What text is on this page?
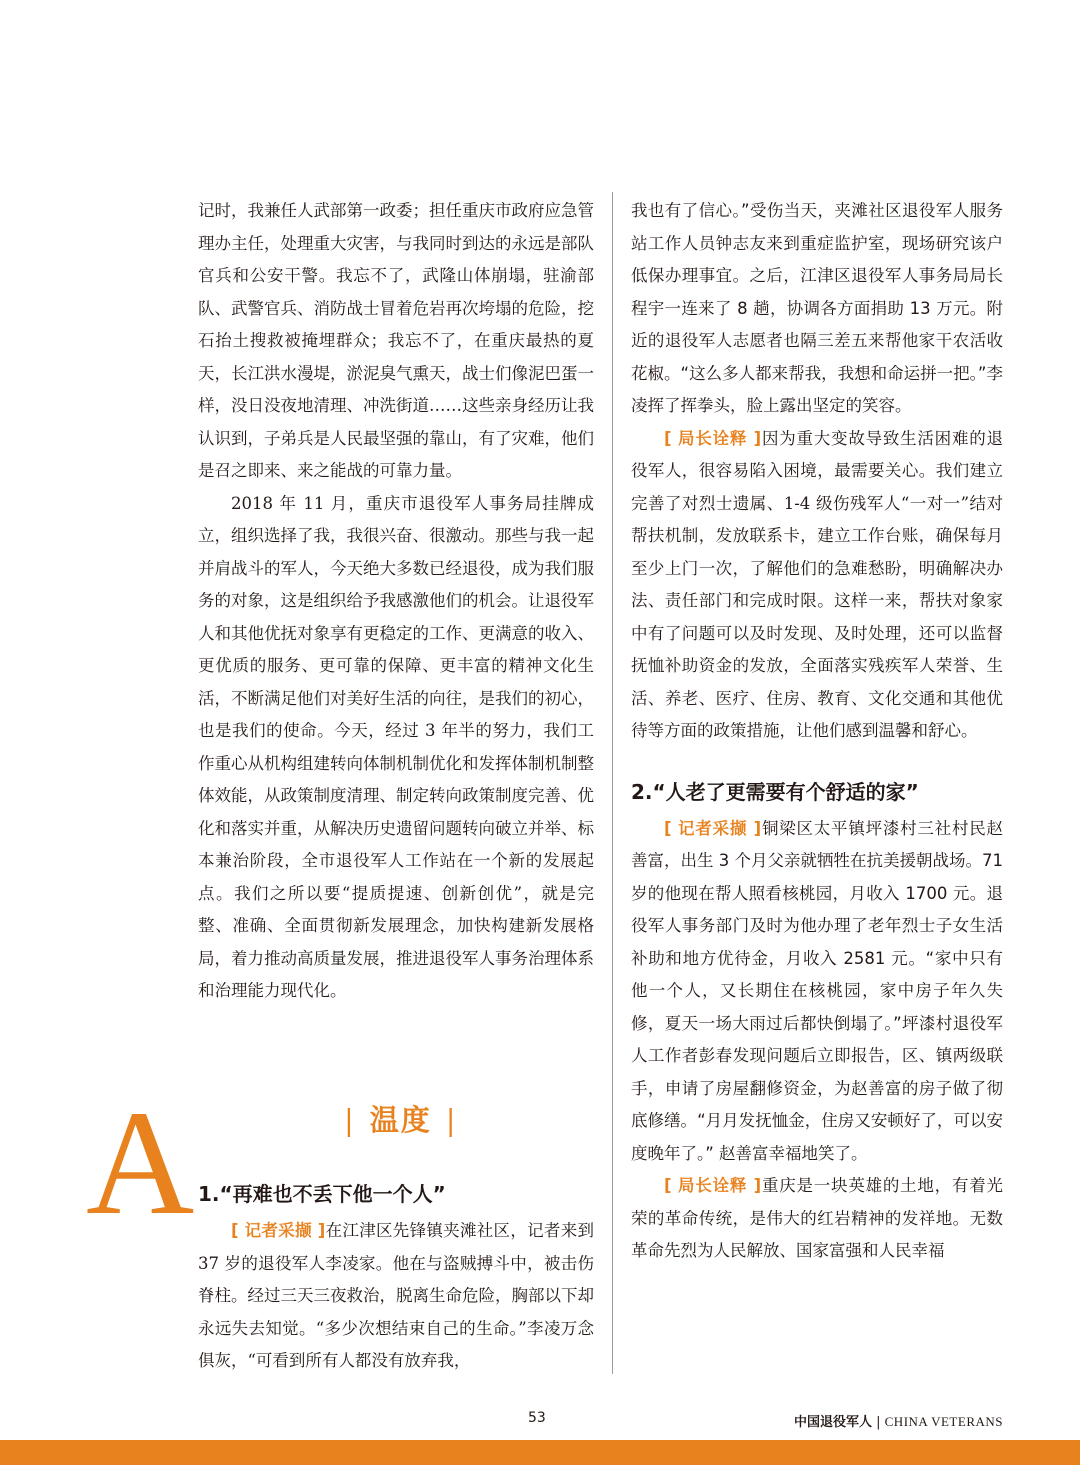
记时，我兼任人武部第一政委；担任重庆市政府应急管理办主任，处理重大灾害，与我同时到达的永远是部队官兵和公安干警。我忘不了，武隆山体崩塌，驻渝部队、武警官兵、消防战士冒着危岩再次垮塌的危险，挖石抬土搜救被掩埋群众；我忘不了，在重庆最热的夏天，长江洪水漫堤，淤泥臭气熏天，战士们像泥巴蛋一样，没日没夜地清理、冲洗街道……这些亲身经历让我认识到，子弟兵是人民最坚强的靠山，有了灾难，他们是召之即来、来之能战的可靠力量。

2018 年 11 月，重庆市退役军人事务局挂牌成立，组织选择了我，我很兴奋、很激动。那些与我一起并肩战斗的军人，今天绝大多数已经退役，成为我们服务的对象，这是组织给予我感激他们的机会。让退役军人和其他优抚对象享有更稳定的工作、更满意的收入、更优质的服务、更可靠的保障、更丰富的精神文化生活，不断满足他们对美好生活的向往，是我们的初心，也是我们的使命。今天，经过 3 年半的努力，我们工作重心从机构组建转向体制机制优化和发挥体制机制整体效能，从政策制度清理、制定转向政策制度完善、优化和落实并重，从解决历史遗留问题转向破立并举、标本兼治阶段，全市退役军人工作站在一个新的发展起点。我们之所以要“提质提速、创新创优”，就是完整、准确、全面贯彻新发展理念，加快构建新发展格局，着力推动高质量发展，推进退役军人事务治理体系和治理能力现代化。

A	| 温度 |
1.“再难也不丢下他一个人”

[ 记者采撷 ]在江津区先锋镇夹滩社区，记者来到 37 岁的退役军人李凌家。他在与盗贼搏斗中，被击伤脊柱。经过三天三夜救治，脱离生命危险，胸部以下却永远失去知觉。“多少次想结束自己的生命。”李凌万念俱灰，“可看到所有人都没有放弃我，

我也有了信心。”受伤当天，夹滩社区退役军人服务站工作人员钟志友来到重症监护室，现场研究该户低保办理事宜。之后，江津区退役军人事务局局长程宇一连来了 8 趟，协调各方面捐助 13 万元。附近的退役军人志愿者也隔三差五来帮他家干农活收花椒。“这么多人都来帮我，我想和命运拼一把。”李凌挥了挥拳头，脸上露出坚定的笑容。

[ 局长诠释 ]因为重大变故导致生活困难的退役军人，很容易陷入困境，最需要关心。我们建立完善了对烈士遗属、1-4 级伤残军人“一对一”结对帮扶机制，发放联系卡，建立工作台账，确保每月至少上门一次，了解他们的急难愁盼，明确解决办法、责任部门和完成时限。这样一来，帮扶对象家中有了问题可以及时发现、及时处理，还可以监督抚恤补助资金的发放，全面落实残疾军人荣誉、生活、养老、医疗、住房、教育、文化交通和其他优待等方面的政策措施，让他们感到温馨和舒心。

2.“人老了更需要有个舒适的家”

[ 记者采撷 ]铜梁区太平镇坪漆村三社村民赵善富，出生 3 个月父亲就牺牲在抗美援朝战场。71 岁的他现在帮人照看核桃园，月收入 1700 元。退役军人事务部门及时为他办理了老年烈士子女生活补助和地方优待金，月收入 2581 元。“家中只有他一个人，又长期住在核桃园，家中房子年久失修，夏天一场大雨过后都快倒塌了。”坪漆村退役军人工作者彭春发现问题后立即报告，区、镇两级联手，申请了房屋翻修资金，为赵善富的房子做了彻底修缮。“月月发抚恤金，住房又安顿好了，可以安度晚年了。” 赵善富幸福地笑了。

[ 局长诠释 ]重庆是一块英雄的土地，有着光荣的革命传统，是伟大的红岩精神的发祥地。无数革命先烈为人民解放、国家富强和人民幸福

53	中国退役军人 | CHINA VETERANS
